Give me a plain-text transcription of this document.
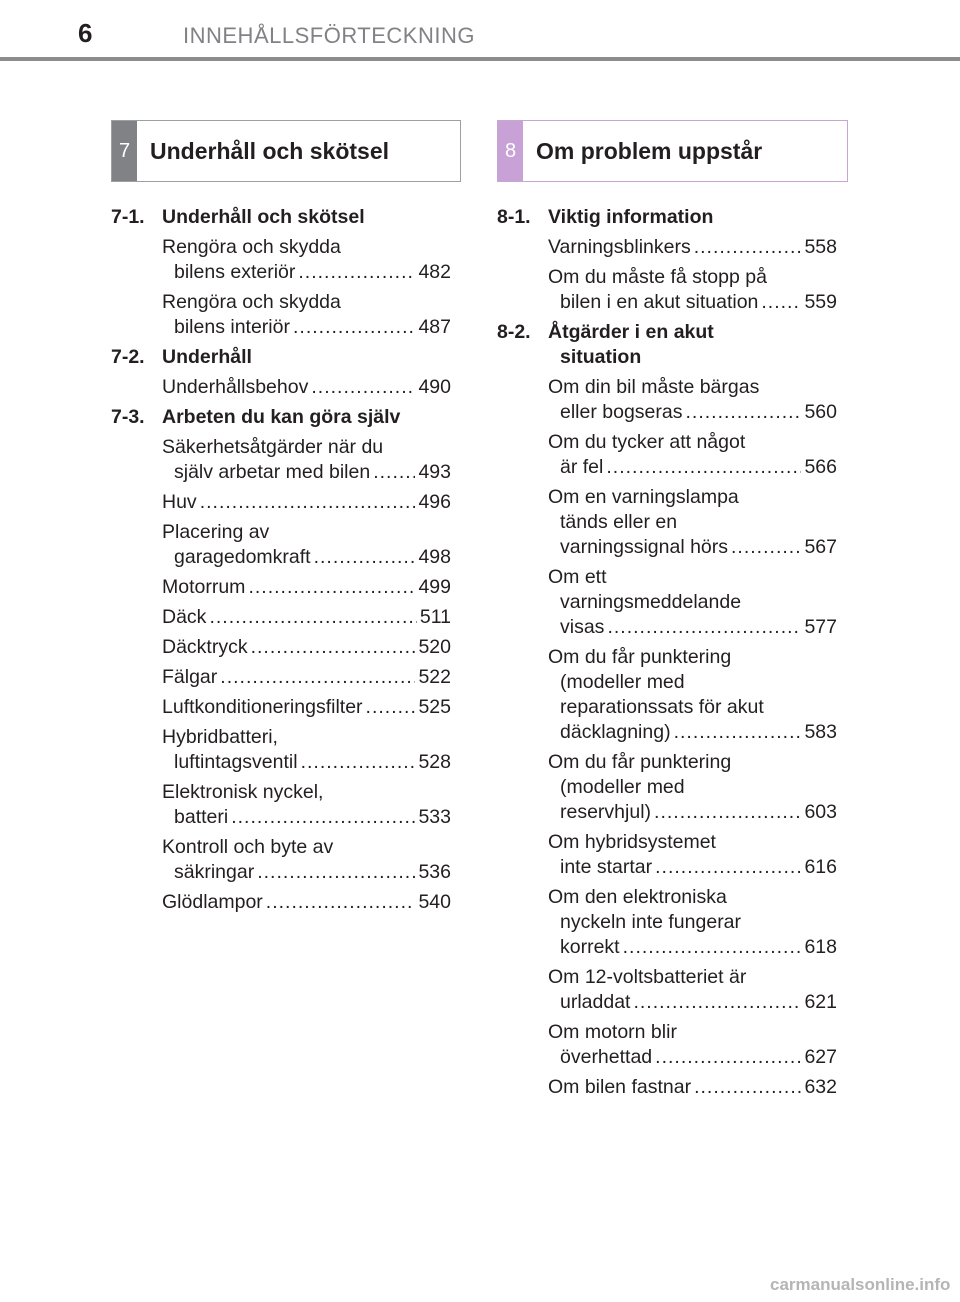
6	INNEHÅLLSFÖRTECKNING
7 Underhåll och skötsel	8 Om problem uppstår
7-1. Underhåll och skötsel
Rengöra och skydda
bilens exteriör .....	482
Rengöra och skydda
bilens interiör .....	487
7-2. Underhåll
Underhållsbehov .....	490
7-3. Arbeten du kan göra själv
Säkerhetsåtgärder när du
själv arbetar med bilen ..... 493
Huv .....	496
Placering av
garagedomkraft .....	498
Motorrum .....	499
Däck .....	511
Däcktryck .....	520
Fälgar .....	522
Luftkonditioneringsfilter .....	525
Hybridbatteri,
luftintagsventil .....	528
Elektronisk nyckel,
batteri .....	533
Kontroll och byte av
säkringar .....	536
Glödlampor .....	540
8-1. Viktig information
Varningsblinkers .....	558
Om du måste få stopp på
bilen i en akut situation ..... 559
8-2. Åtgärder i en akut
situation
Om din bil måste bärgas
eller bogseras .....	560
Om du tycker att något
är fel .....	566
Om en varningslampa
tänds eller en
varningssignal hörs .....	567
Om ett
varningsmeddelande
visas .....	577
Om du får punktering
(modeller med
reparationssats för akut
däcklagning) .....	583
Om du får punktering
(modeller med
reservhjul) .....	603
Om hybridsystemet
inte startar .....	616
Om den elektroniska
nyckeln inte fungerar
korrekt .....	618
Om 12-voltsbatteriet är
urladdat .....	621
Om motorn blir
överhettad .....	627
Om bilen fastnar .....	632
carmanualsonline.info
